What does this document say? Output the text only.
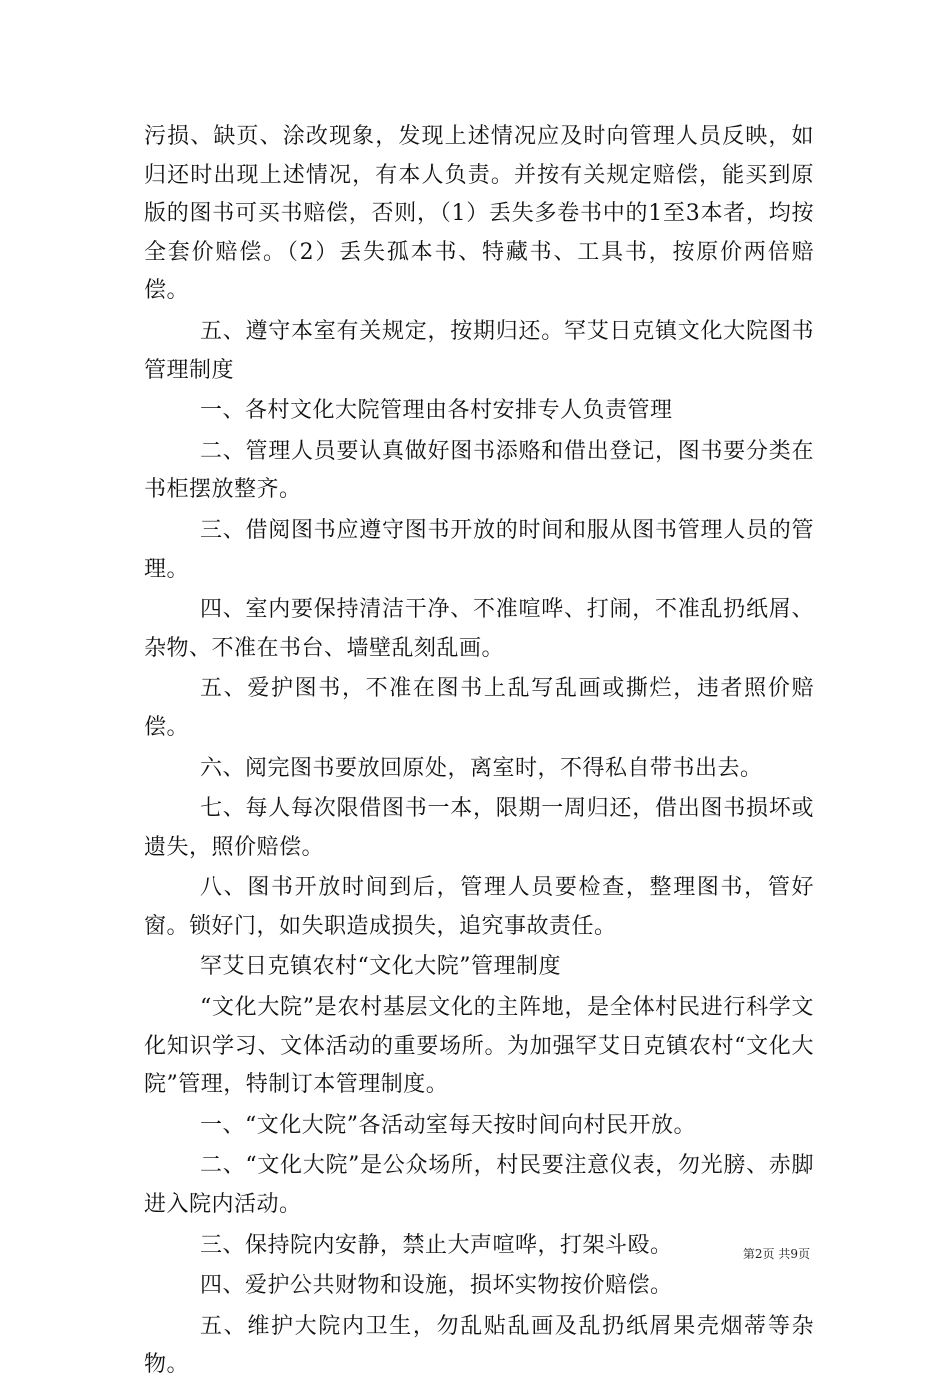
污损、缺页、涂改现象，发现上述情况应及时向管理人员反映，如归还时出现上述情况，有本人负责。并按有关规定赔偿，能买到原版的图书可买书赔偿，否则，（1）丢失多卷书中的1至3本者，均按全套价赔偿。（2）丢失孤本书、特藏书、工具书，按原价两倍赔偿。

五、遵守本室有关规定，按期归还。罕艾日克镇文化大院图书管理制度

一、各村文化大院管理由各村安排专人负责管理

二、管理人员要认真做好图书添赂和借出登记，图书要分类在书柜摆放整齐。

三、借阅图书应遵守图书开放的时间和服从图书管理人员的管理。

四、室内要保持清洁干净、不准喧哗、打闹，不准乱扔纸屑、杂物、不准在书台、墙壁乱刻乱画。

五、爱护图书，不准在图书上乱写乱画或撕烂，违者照价赔偿。

六、阅完图书要放回原处，离室时，不得私自带书出去。

七、每人每次限借图书一本，限期一周归还，借出图书损坏或遗失，照价赔偿。

八、图书开放时间到后，管理人员要检查，整理图书，管好窗。锁好门，如失职造成损失，追究事故责任。

罕艾日克镇农村“文化大院”管理制度

“文化大院”是农村基层文化的主阵地，是全体村民进行科学文化知识学习、文体活动的重要场所。为加强罕艾日克镇农村“文化大院”管理，特制订本管理制度。

一、“文化大院”各活动室每天按时间向村民开放。

二、“文化大院”是公众场所，村民要注意仪表，勿光膀、赤脚进入院内活动。

三、保持院内安静，禁止大声喧哗，打架斗殴。

四、爱护公共财物和设施，损坏实物按价赔偿。

五、维护大院内卫生，勿乱贴乱画及乱扔纸屑果壳烟蒂等杂物。

第2页 共9页
